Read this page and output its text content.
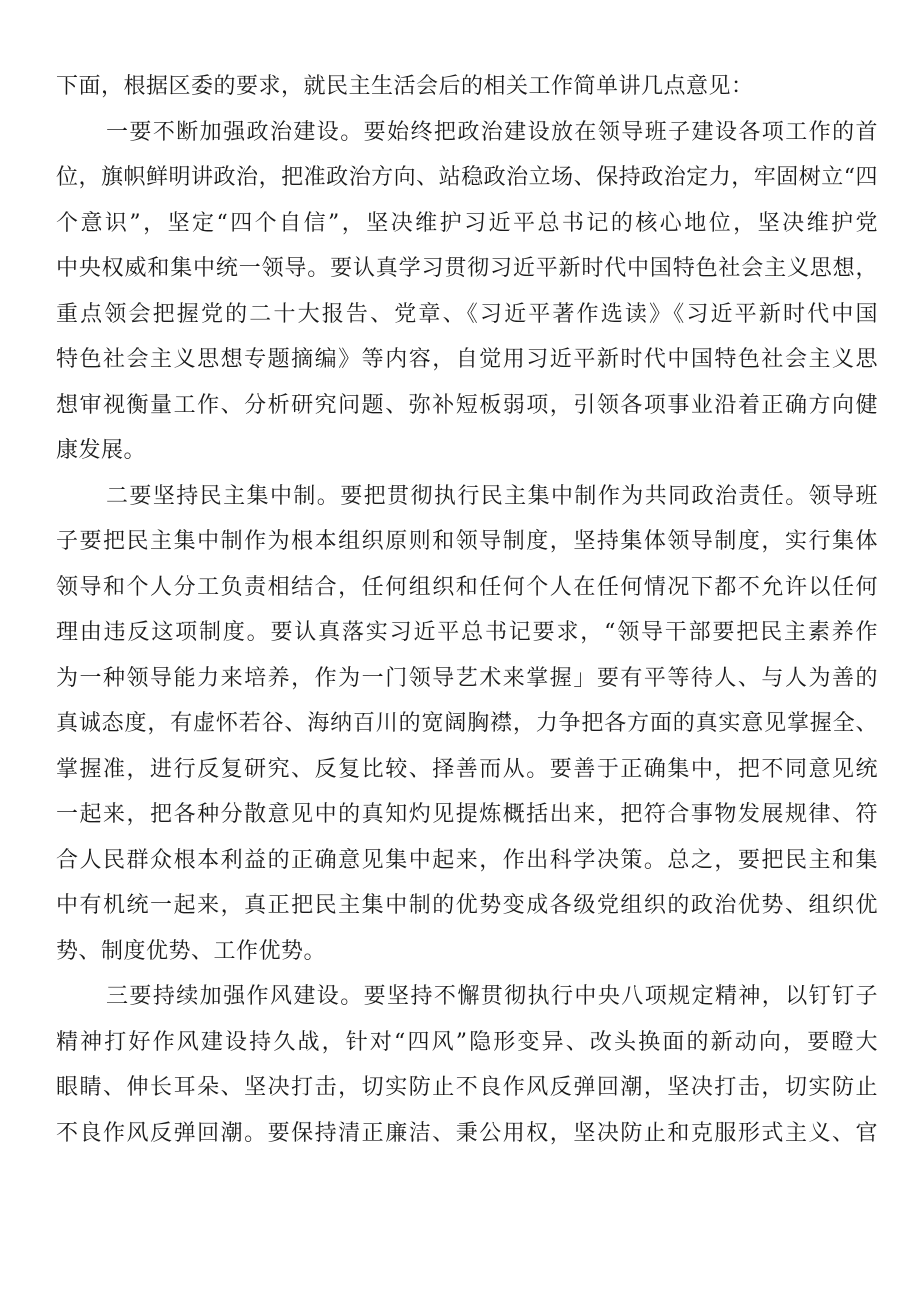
下面，根据区委的要求，就民主生活会后的相关工作简单讲几点意见：

一要不断加强政治建设。要始终把政治建设放在领导班子建设各项工作的首
位，旗帜鲜明讲政治，把准政治方向、站稳政治立场、保持政治定力，牢固树立“四
个意识”，坚定“四个自信”，坚决维护习近平总书记的核心地位，坚决维护党
中央权威和集中统一领导。要认真学习贯彻习近平新时代中国特色社会主义思想，
重点领会把握党的二十大报告、党章、《习近平著作选读》《习近平新时代中国
特色社会主义思想专题摘编》等内容，自觉用习近平新时代中国特色社会主义思
想审视衡量工作、分析研究问题、弥补短板弱项，引领各项事业沿着正确方向健
康发展。

二要坚持民主集中制。要把贯彻执行民主集中制作为共同政治责任。领导班
子要把民主集中制作为根本组织原则和领导制度，坚持集体领导制度，实行集体
领导和个人分工负责相结合，任何组织和任何个人在任何情况下都不允许以任何
理由违反这项制度。要认真落实习近平总书记要求，“领导干部要把民主素养作
为一种领导能力来培养，作为一门领导艺术来掌握」要有平等待人、与人为善的
真诚态度，有虚怀若谷、海纳百川的宽阔胸襟，力争把各方面的真实意见掌握全、
掌握准，进行反复研究、反复比较、择善而从。要善于正确集中，把不同意见统
一起来，把各种分散意见中的真知灼见提炼概括出来，把符合事物发展规律、符
合人民群众根本利益的正确意见集中起来，作出科学决策。总之，要把民主和集
中有机统一起来，真正把民主集中制的优势变成各级党组织的政治优势、组织优
势、制度优势、工作优势。

三要持续加强作风建设。要坚持不懈贯彻执行中央八项规定精神，以钉钉子
精神打好作风建设持久战，针对“四风”隐形变异、改头换面的新动向，要瞪大
眼睛、伸长耳朵、坚决打击，切实防止不良作风反弹回潮，坚决打击，切实防止
不良作风反弹回潮。要保持清正廉洁、秉公用权，坚决防止和克服形式主义、官
